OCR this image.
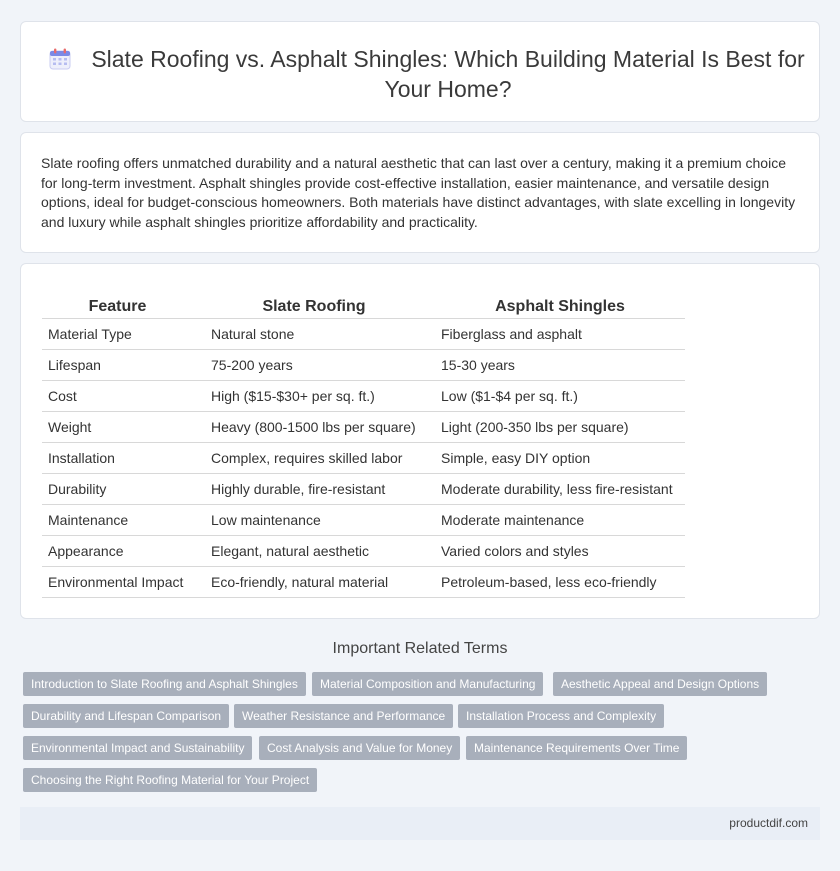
Slate Roofing vs. Asphalt Shingles: Which Building Material Is Best for Your Home?

Slate roofing offers unmatched durability and a natural aesthetic that can last over a century, making it a premium choice for long-term investment. Asphalt shingles provide cost-effective installation, easier maintenance, and versatile design options, ideal for budget-conscious homeowners. Both materials have distinct advantages, with slate excelling in longevity and luxury while asphalt shingles prioritize affordability and practicality.

Feature		Slate Roofing		Asphalt Shingles
Material Type		Natural stone		Fiberglass and asphalt
Lifespan		75-200 years		15-30 years
Cost		High ($15-$30+ per sq. ft.)		Low ($1-$4 per sq. ft.)
Weight		Heavy (800-1500 lbs per square)		Light (200-350 lbs per square)
Installation		Complex, requires skilled labor		Simple, easy DIY option
Durability		Highly durable, fire-resistant		Moderate durability, less fire-resistant
Maintenance		Low maintenance		Moderate maintenance
Appearance		Elegant, natural aesthetic		Varied colors and styles
Environmental Impact		Eco-friendly, natural material		Petroleum-based, less eco-friendly
Important Related Terms
Introduction to Slate Roofing and Asphalt Shingles	Material Composition and Manufacturing	Aesthetic Appeal and Design Options
Durability and Lifespan Comparison	Weather Resistance and Performance	Installation Process and Complexity
Environmental Impact and Sustainability	Cost Analysis and Value for Money	Maintenance Requirements Over Time
Choosing the Right Roofing Material for Your Project
productdif.com
